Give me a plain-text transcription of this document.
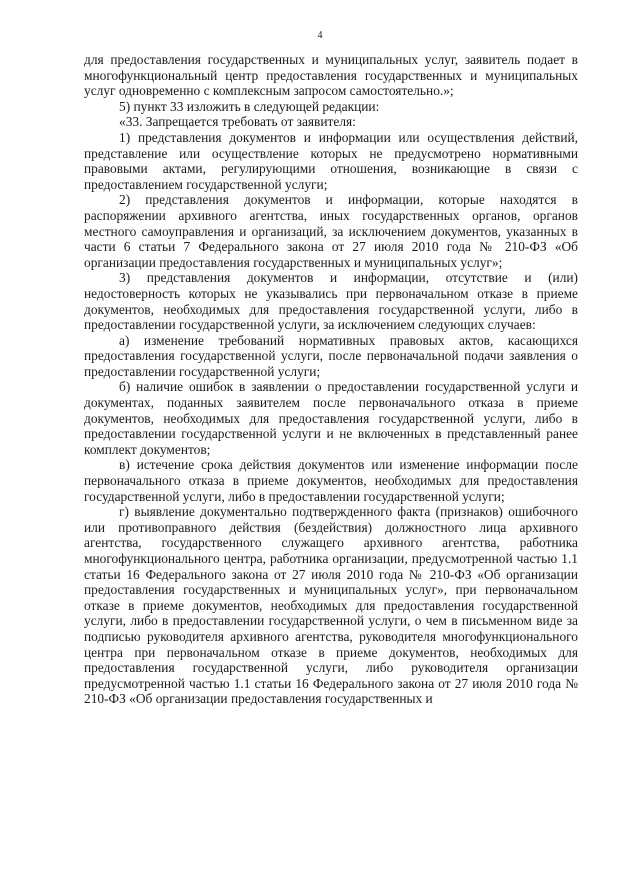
4

для предоставления государственных и муниципальных услуг, заявитель подает в многофункциональный центр предоставления государственных и муниципальных услуг одновременно с комплексным запросом самостоятельно.»;

5) пункт 33 изложить в следующей редакции:

«33. Запрещается требовать от заявителя:

1) представления документов и информации или осуществления действий, представление или осуществление которых не предусмотрено нормативными правовыми актами, регулирующими отношения, возникающие в связи с предоставлением государственной услуги;

2) представления документов и информации, которые находятся в распоряжении архивного агентства, иных государственных органов, органов местного самоуправления и организаций, за исключением документов, указанных в части 6 статьи 7 Федерального закона от 27 июля 2010 года № 210-ФЗ «Об организации предоставления государственных и муниципальных услуг»;

3) представления документов и информации, отсутствие и (или) недостоверность которых не указывались при первоначальном отказе в приеме документов, необходимых для предоставления государственной услуги, либо в предоставлении государственной услуги, за исключением следующих случаев:

а) изменение требований нормативных правовых актов, касающихся предоставления государственной услуги, после первоначальной подачи заявления о предоставлении государственной услуги;

б) наличие ошибок в заявлении о предоставлении государственной услуги и документах, поданных заявителем после первоначального отказа в приеме документов, необходимых для предоставления государственной услуги, либо в предоставлении государственной услуги и не включенных в представленный ранее комплект документов;

в) истечение срока действия документов или изменение информации после первоначального отказа в приеме документов, необходимых для предоставления государственной услуги, либо в предоставлении государственной услуги;

г) выявление документально подтвержденного факта (признаков) ошибочного или противоправного действия (бездействия) должностного лица архивного агентства, государственного служащего архивного агентства, работника многофункционального центра, работника организации, предусмотренной частью 1.1 статьи 16 Федерального закона от 27 июля 2010 года № 210-ФЗ «Об организации предоставления государственных и муниципальных услуг», при первоначальном отказе в приеме документов, необходимых для предоставления государственной услуги, либо в предоставлении государственной услуги, о чем в письменном виде за подписью руководителя архивного агентства, руководителя многофункционального центра при первоначальном отказе в приеме документов, необходимых для предоставления государственной услуги, либо руководителя организации предусмотренной частью 1.1 статьи 16 Федерального закона от 27 июля 2010 года № 210-ФЗ «Об организации предоставления государственных и
